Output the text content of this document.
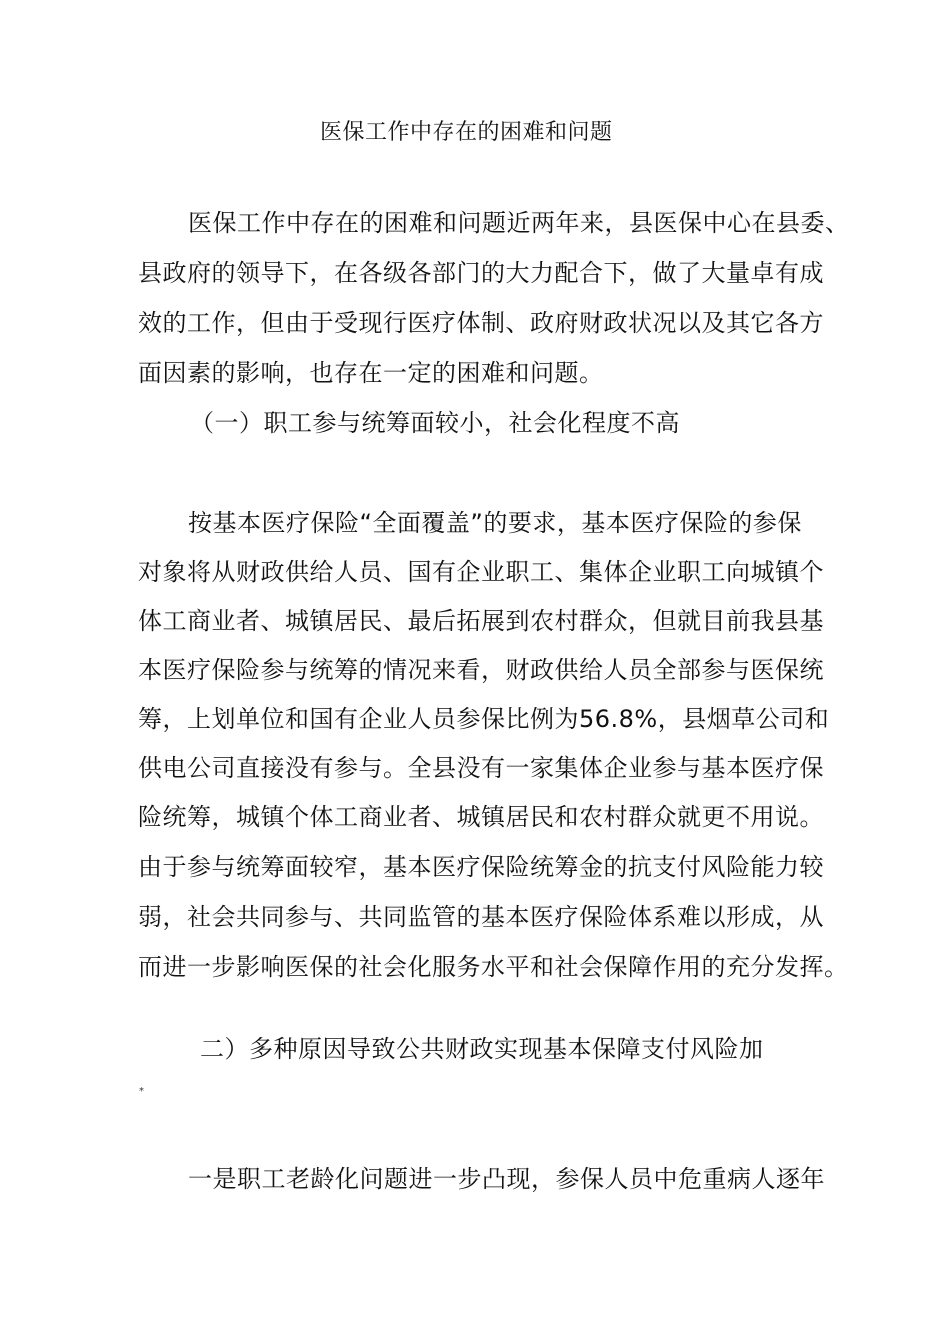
医保工作中存在的困难和问题
医保工作中存在的困难和问题近两年来，县医保中心在县委、
县政府的领导下，在各级各部门的大力配合下，做了大量卓有成
效的工作，但由于受现行医疗体制、政府财政状况以及其它各方
面因素的影响，也存在一定的困难和问题。
（一）职工参与统筹面较小，社会化程度不高
按基本医疗保险“全面覆盖”的要求，基本医疗保险的参保
对象将从财政供给人员、国有企业职工、集体企业职工向城镇个
体工商业者、城镇居民、最后拓展到农村群众，但就目前我县基
本医疗保险参与统筹的情况来看，财政供给人员全部参与医保统
筹，上划单位和国有企业人员参保比例为56.8%，县烟草公司和
供电公司直接没有参与。全县没有一家集体企业参与基本医疗保
险统筹，城镇个体工商业者、城镇居民和农村群众就更不用说。
由于参与统筹面较窄，基本医疗保险统筹金的抗支付风险能力较
弱，社会共同参与、共同监管的基本医疗保险体系难以形成，从
而进一步影响医保的社会化服务水平和社会保障作用的充分发挥。
二）多种原因导致公共财政实现基本保障支付风险加
*
一是职工老龄化问题进一步凸现，参保人员中危重病人逐年
